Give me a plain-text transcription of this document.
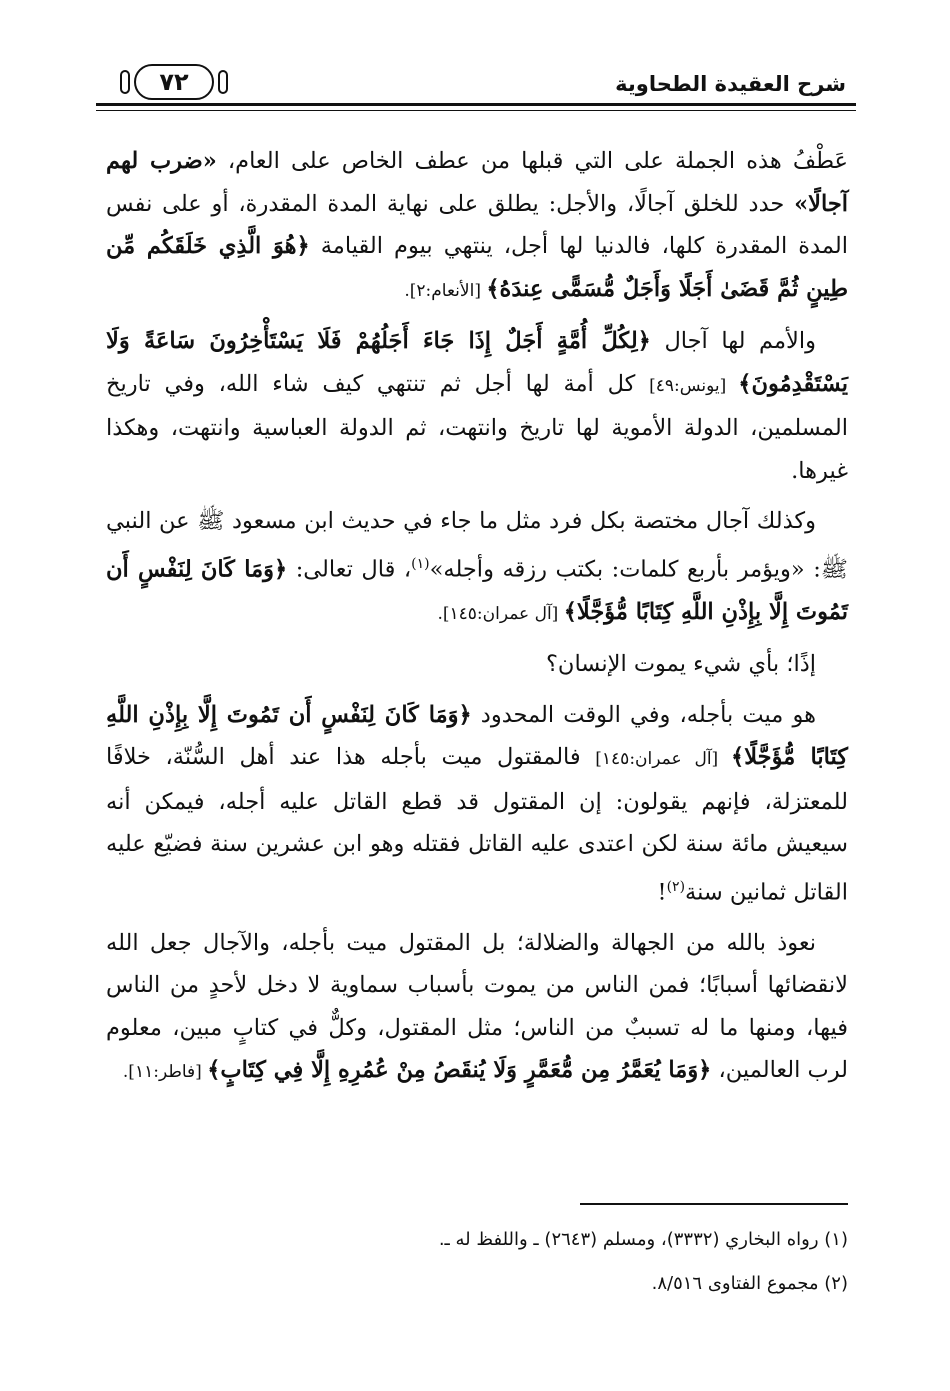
شرح العقيدة الطحاوية
٧٢

عَطْفُ هذه الجملة على التي قبلها من عطف الخاص على العام، «ضرب لهم آجالًا» حدد للخلق آجالًا، والأجل: يطلق على نهاية المدة المقدرة، أو على نفس المدة المقدرة كلها، فالدنيا لها أجل، ينتهي بيوم القيامة ﴿هُوَ الَّذِي خَلَقَكُم مِّن طِينٍ ثُمَّ قَضَىٰ أَجَلًا وَأَجَلٌ مُّسَمًّى عِندَهُ﴾ [الأنعام:٢].

والأمم لها آجال ﴿لِكُلِّ أُمَّةٍ أَجَلٌ إِذَا جَاءَ أَجَلُهُمْ فَلَا يَسْتَأْخِرُونَ سَاعَةً وَلَا يَسْتَقْدِمُونَ﴾ [يونس:٤٩] كل أمة لها أجل ثم تنتهي كيف شاء الله، وفي تاريخ المسلمين، الدولة الأموية لها تاريخ وانتهت، ثم الدولة العباسية وانتهت، وهكذا غيرها.

وكذلك آجال مختصة بكل فرد مثل ما جاء في حديث ابن مسعود ﷺ عن النبي ﷺ: «ويؤمر بأربع كلمات: بكتب رزقه وأجله»$^{(١)}$، قال تعالى: ﴿وَمَا كَانَ لِنَفْسٍ أَن تَمُوتَ إِلَّا بِإِذْنِ اللَّهِ كِتَابًا مُّؤَجَّلًا﴾ [آل عمران:١٤٥].

إذًا؛ بأي شيء يموت الإنسان؟

هو ميت بأجله، وفي الوقت المحدود ﴿وَمَا كَانَ لِنَفْسٍ أَن تَمُوتَ إِلَّا بِإِذْنِ اللَّهِ كِتَابًا مُّؤَجَّلًا﴾ [آل عمران:١٤٥] فالمقتول ميت بأجله هذا عند أهل السُّنّة، خلافًا للمعتزلة، فإنهم يقولون: إن المقتول قد قطع القاتل عليه أجله، فيمكن أنه سيعيش مائة سنة لكن اعتدى عليه القاتل فقتله وهو ابن عشرين سنة فضيّع عليه القاتل ثمانين سنة$^{(٢)}$!

نعوذ بالله من الجهالة والضلالة؛ بل المقتول ميت بأجله، والآجال جعل الله لانقضائها أسبابًا؛ فمن الناس من يموت بأسباب سماوية لا دخل لأحدٍ من الناس فيها، ومنها ما له تسببٌ من الناس؛ مثل المقتول، وكلٌّ في كتابٍ مبين، معلوم لرب العالمين، ﴿وَمَا يُعَمَّرُ مِن مُّعَمَّرٍ وَلَا يُنقَصُ مِنْ عُمُرِهِ إِلَّا فِي كِتَابٍ﴾ [فاطر:١١].

(١) رواه البخاري (٣٣٣٢)، ومسلم (٢٦٤٣) ـ واللفظ له ـ.
(٢) مجموع الفتاوى ٨/٥١٦.
